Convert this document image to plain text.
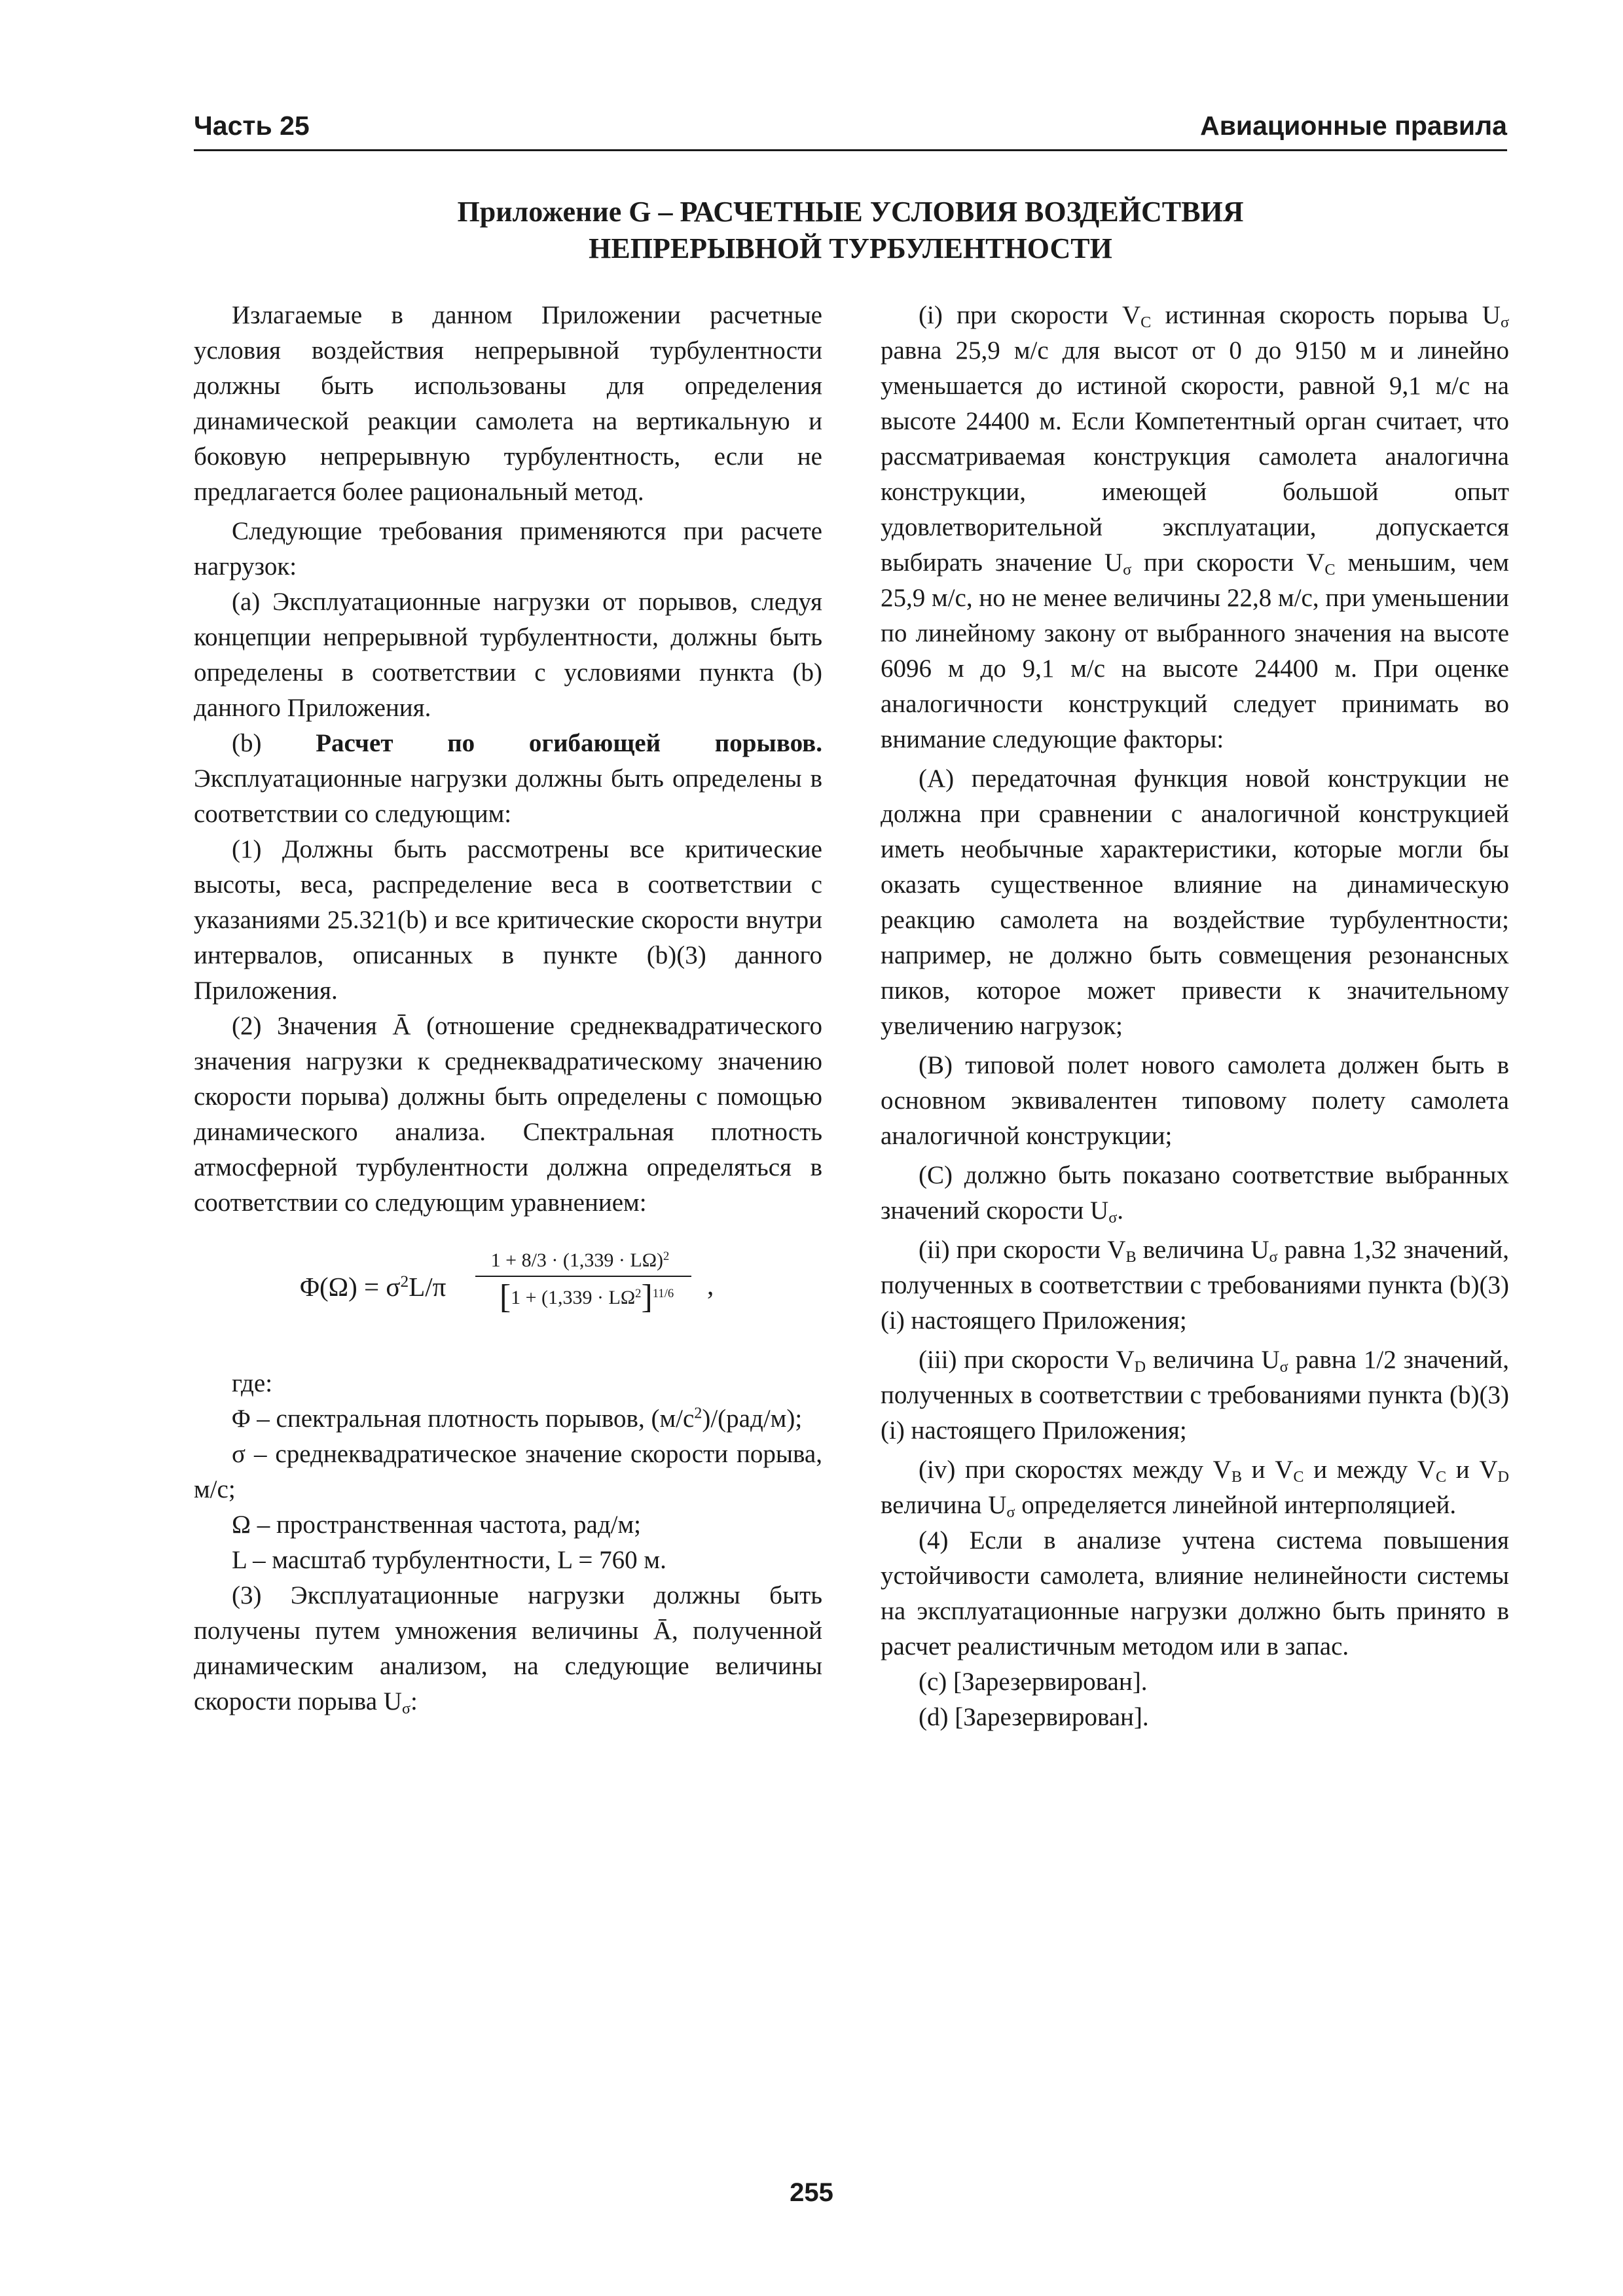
Часть 25	Авиационные правила
Приложение G – РАСЧЕТНЫЕ УСЛОВИЯ ВОЗДЕЙСТВИЯ
НЕПРЕРЫВНОЙ ТУРБУЛЕНТНОСТИ

Излагаемые в данном Приложении расчетные условия воздействия непрерывной турбулентности должны быть использованы для определения динамической реакции самолета на вертикальную и боковую непрерывную турбулентность, если не предлагается более рациональный метод.

Следующие требования применяются при расчете нагрузок:

(a) Эксплуатационные нагрузки от порывов, следуя концепции непрерывной турбулентности, должны быть определены в соответствии с условиями пункта (b) данного Приложения.

(b) Расчет по огибающей порывов. Эксплуатационные нагрузки должны быть определены в соответствии со следующим:

(1) Должны быть рассмотрены все критические высоты, веса, распределение веса в соответствии с указаниями 25.321(b) и все критические скорости внутри интервалов, описанных в пункте (b)(3) данного Приложения.

(2) Значения Ā (отношение среднеквадратического значения нагрузки к среднеквадратическому значению скорости порыва) должны быть определены с помощью динамического анализа. Спектральная плотность атмосферной турбулентности должна определяться в соответствии со следующим уравнением:

$\Phi(\Omega) = \sigma^2L/\pi$
$1 + 8/3 \cdot (1,339 \cdot L\Omega)^2$
[$1 + (1,339 \cdot L\Omega^2]^{11/6}$	,

где:

Φ – спектральная плотность порывов, $(м/с^2)/(рад/м)$;

σ – среднеквадратическое значение скорости порыва, м/с;

Ω – пространственная частота, рад/м;

L – масштаб турбулентности, L = 760 м.

(3) Эксплуатационные нагрузки должны быть получены путем умножения величины Ā, полученной динамическим анализом, на следующие величины скорости порыва $U_\sigma$:

(i) при скорости $V_C$ истинная скорость порыва $U_\sigma$ равна 25,9 м/с для высот от 0 до 9150 м и линейно уменьшается до истиной скорости, равной 9,1 м/с на высоте 24400 м. Если Компетентный орган считает, что рассматриваемая конструкция самолета аналогична конструкции, имеющей большой опыт удовлетворительной эксплуатации, допускается выбирать значение $U_\sigma$ при скорости $V_C$ меньшим, чем 25,9 м/с, но не менее величины 22,8 м/с, при уменьшении по линейному закону от выбранного значения на высоте 6096 м до 9,1 м/с на высоте 24400 м. При оценке аналогичности конструкций следует принимать во внимание следующие факторы:

(A) передаточная функция новой конструкции не должна при сравнении с аналогичной конструкцией иметь необычные характеристики, которые могли бы оказать существенное влияние на динамическую реакцию самолета на воздействие турбулентности; например, не должно быть совмещения резонансных пиков, которое может привести к значительному увеличению нагрузок;

(B) типовой полет нового самолета должен быть в основном эквивалентен типовому полету самолета аналогичной конструкции;

(C) должно быть показано соответствие выбранных значений скорости $U_\sigma$.

(ii) при скорости $V_B$ величина $U_\sigma$ равна 1,32 значений, полученных в соответствии с требованиями пункта (b)(3)(i) настоящего Приложения;

(iii) при скорости $V_D$ величина $U_\sigma$ равна 1/2 значений, полученных в соответствии с требованиями пункта (b)(3)(i) настоящего Приложения;

(iv) при скоростях между $V_B$ и $V_C$ и между $V_C$ и $V_D$ величина $U_\sigma$ определяется линейной интерполяцией.

(4) Если в анализе учтена система повышения устойчивости самолета, влияние нелинейности системы на эксплуатационные нагрузки должно быть принято в расчет реалистичным методом или в запас.

(c) [Зарезервирован].

(d) [Зарезервирован].

255
